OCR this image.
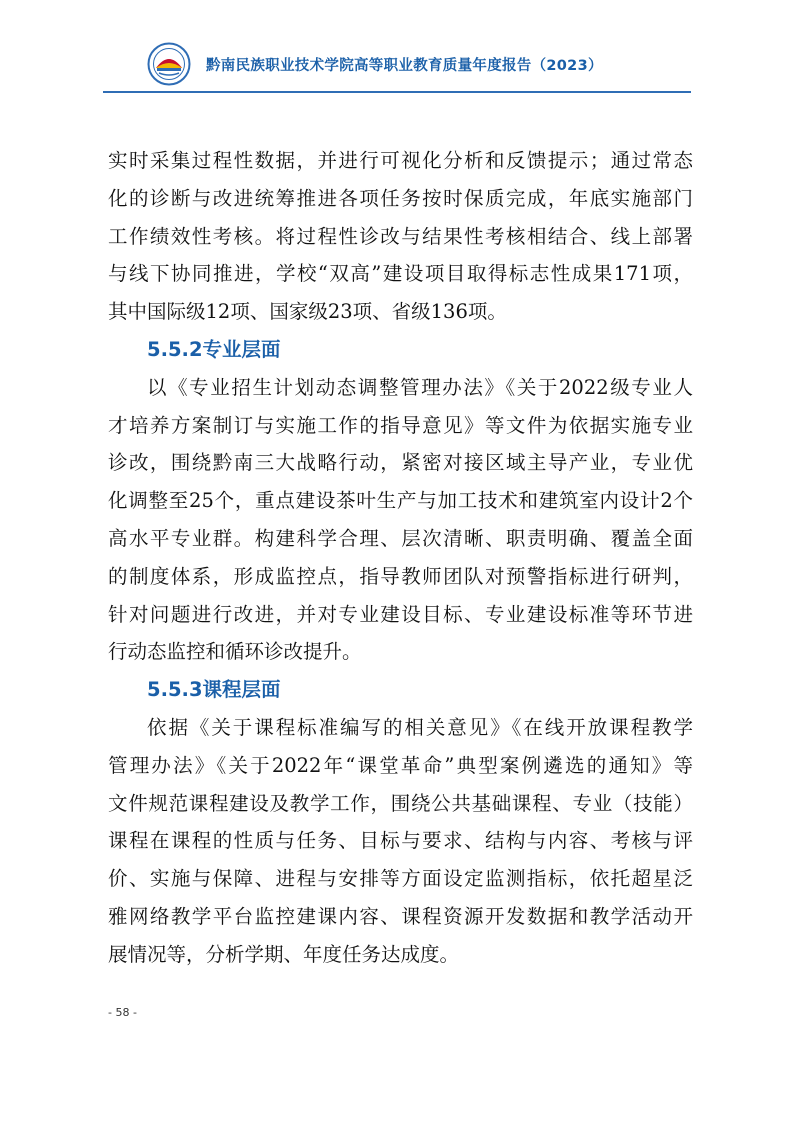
黔南民族职业技术学院高等职业教育质量年度报告（2023）
实时采集过程性数据，并进行可视化分析和反馈提示；通过常态
化的诊断与改进统筹推进各项任务按时保质完成，年底实施部门
工作绩效性考核。将过程性诊改与结果性考核相结合、线上部署
与线下协同推进，学校“双高”建设项目取得标志性成果171项，
其中国际级12项、国家级23项、省级136项。
5.5.2专业层面
以《专业招生计划动态调整管理办法》《关于2022级专业人
才培养方案制订与实施工作的指导意见》等文件为依据实施专业
诊改，围绕黔南三大战略行动，紧密对接区域主导产业，专业优
化调整至25个，重点建设茶叶生产与加工技术和建筑室内设计2个
高水平专业群。构建科学合理、层次清晰、职责明确、覆盖全面
的制度体系，形成监控点，指导教师团队对预警指标进行研判，
针对问题进行改进，并对专业建设目标、专业建设标准等环节进
行动态监控和循环诊改提升。
5.5.3课程层面
依据《关于课程标准编写的相关意见》《在线开放课程教学
管理办法》《关于2022年“课堂革命”典型案例遴选的通知》等
文件规范课程建设及教学工作，围绕公共基础课程、专业（技能）
课程在课程的性质与任务、目标与要求、结构与内容、考核与评
价、实施与保障、进程与安排等方面设定监测指标，依托超星泛
雅网络教学平台监控建课内容、课程资源开发数据和教学活动开
展情况等，分析学期、年度任务达成度。
- 58 -
